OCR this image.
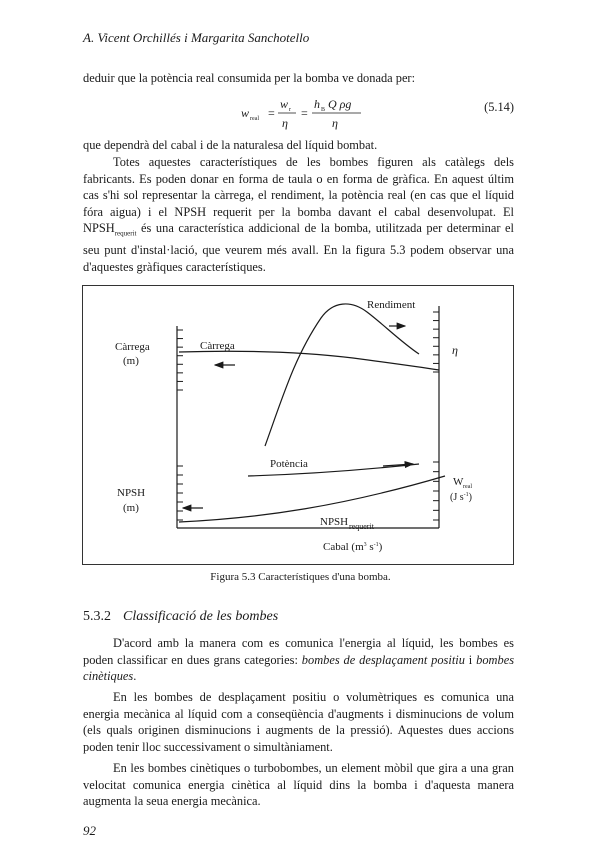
A. Vicent Orchillés i Margarita Sanchotello

deduir que la potència real consumida per la bomba ve donada per:

w real =
w r
η
=
h B Q ρg
η
(5.14)

que dependrà del cabal i de la naturalesa del líquid bombat.

Totes aquestes característiques de les bombes figuren als catàlegs dels fabricants. Es poden donar en forma de taula o en forma de gràfica. En aquest últim cas s'hi sol representar la càrrega, el rendiment, la potència real (en cas que el líquid fóra aigua) i el NPSH requerit per la bomba davant el cabal desenvolupat. El $NPSH_{requerit}$ és una característica addicional de la bomba, utilitzada per determinar el seu punt d'instal·lació, que veurem més avall. En la figura 5.3 podem observar una d'aquestes gràfiques característiques.

Càrrega
Rendiment
Potència
NPSH requerit
Càrrega
(m)
NPSH
(m)
η
W real
(J $s^{-1}$)
Cabal ($m^3$ $s^{-1}$)
Figura 5.3 Característiques d'una bomba.
5.3.2 Classificació de les bombes

D'acord amb la manera com es comunica l'energia al líquid, les bombes es poden classificar en dues grans categories: bombes de desplaçament positiu i bombes cinètiques.

En les bombes de desplaçament positiu o volumètriques es comunica una energia mecànica al líquid com a conseqüència d'augments i disminucions de volum (els quals originen disminucions i augments de la pressió). Aquestes dues accions poden tenir lloc successivament o simultàniament.

En les bombes cinètiques o turbobombes, un element mòbil que gira a una gran velocitat comunica energia cinètica al líquid dins la bomba i d'aquesta manera augmenta la seua energia mecànica.

92
